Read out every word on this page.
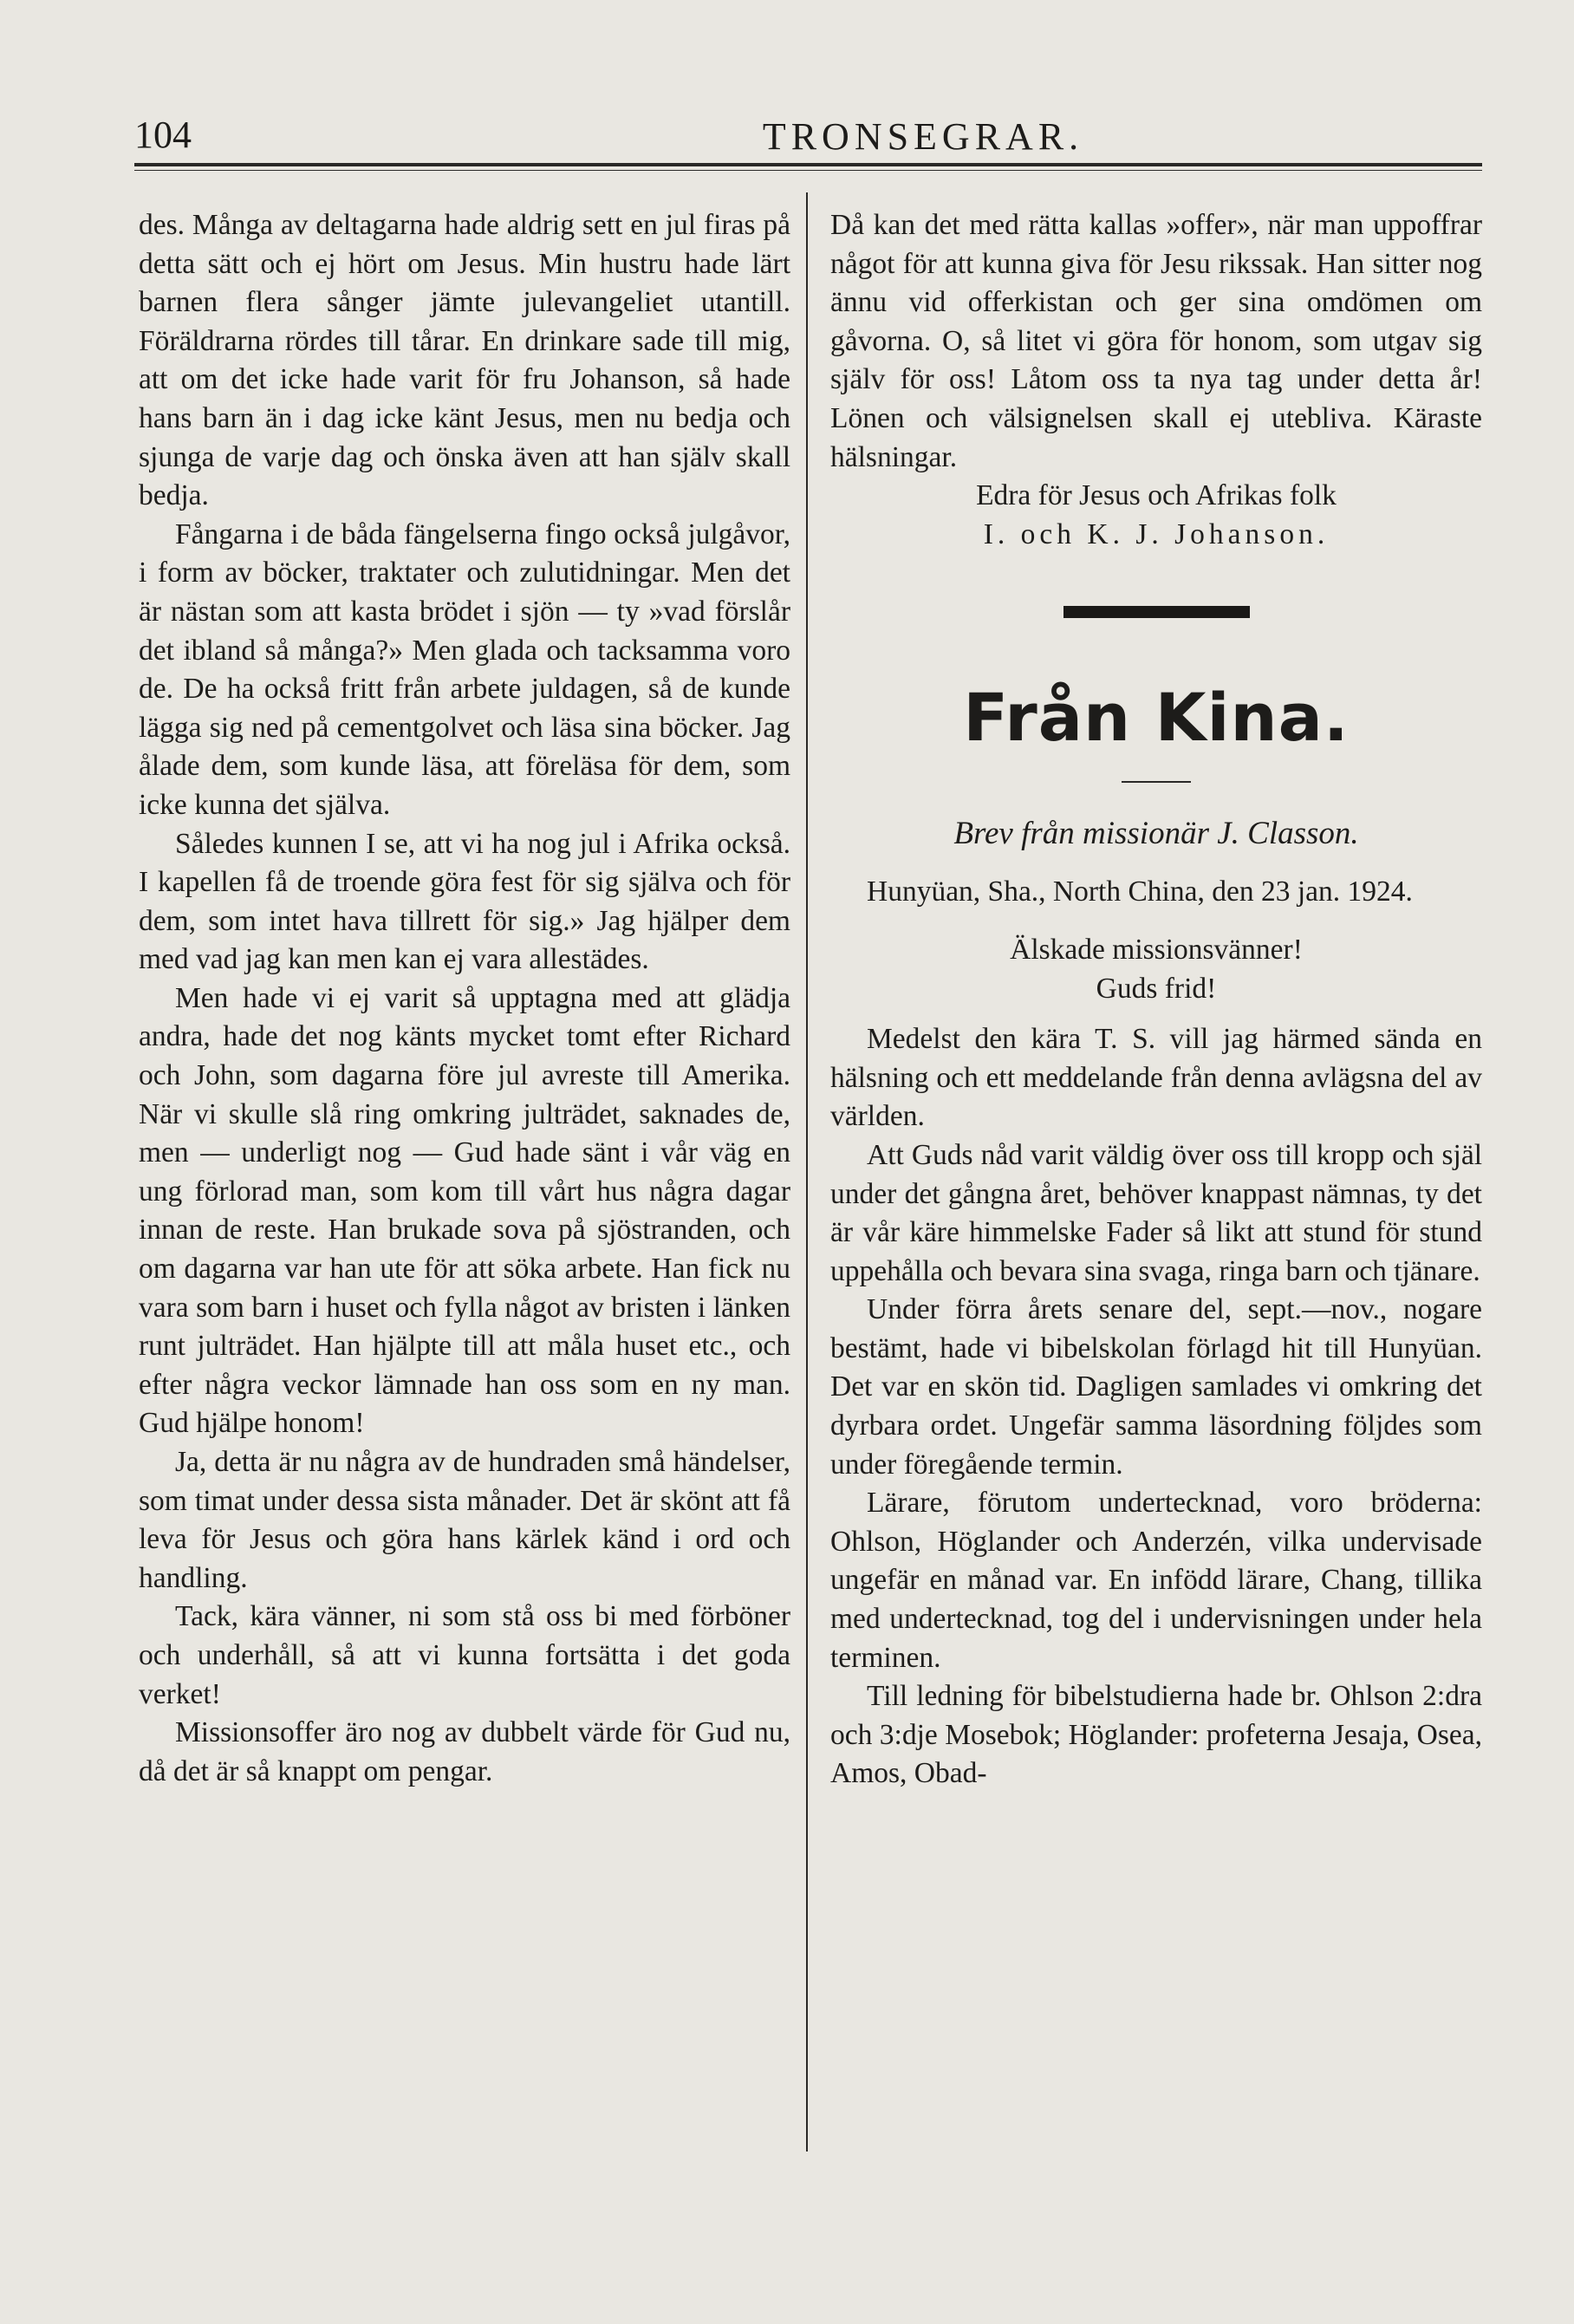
104	TRONSEGRAR.

des. Många av deltagarna hade aldrig sett en jul firas på detta sätt och ej hört om Jesus. Min hustru hade lärt barnen flera sånger jämte julevangeliet utantill. Föräldrarna rördes till tårar. En drinkare sade till mig, att om det icke hade varit för fru Johanson, så hade hans barn än i dag icke känt Jesus, men nu bedja och sjunga de varje dag och önska även att han själv skall bedja.

Fångarna i de båda fängelserna fingo också julgåvor, i form av böcker, traktater och zulutidningar. Men det är nästan som att kasta brödet i sjön — ty »vad förslår det ibland så många?» Men glada och tacksamma voro de. De ha också fritt från arbete juldagen, så de kunde lägga sig ned på cementgolvet och läsa sina böcker. Jag ålade dem, som kunde läsa, att föreläsa för dem, som icke kunna det själva.

Således kunnen I se, att vi ha nog jul i Afrika också. I kapellen få de troende göra fest för sig själva och för dem, som intet hava tillrett för sig.» Jag hjälper dem med vad jag kan men kan ej vara allestädes.

Men hade vi ej varit så upptagna med att glädja andra, hade det nog känts mycket tomt efter Richard och John, som dagarna före jul avreste till Amerika. När vi skulle slå ring omkring julträdet, saknades de, men — underligt nog — Gud hade sänt i vår väg en ung förlorad man, som kom till vårt hus några dagar innan de reste. Han brukade sova på sjöstranden, och om dagarna var han ute för att söka arbete. Han fick nu vara som barn i huset och fylla något av bristen i länken runt julträdet. Han hjälpte till att måla huset etc., och efter några veckor lämnade han oss som en ny man. Gud hjälpe honom!

Ja, detta är nu några av de hundraden små händelser, som timat under dessa sista månader. Det är skönt att få leva för Jesus och göra hans kärlek känd i ord och handling.

Tack, kära vänner, ni som stå oss bi med förböner och underhåll, så att vi kunna fortsätta i det goda verket!

Missionsoffer äro nog av dubbelt värde för Gud nu, då det är så knappt om pengar.

Då kan det med rätta kallas »offer», när man uppoffrar något för att kunna giva för Jesu rikssak. Han sitter nog ännu vid offerkistan och ger sina omdömen om gåvorna. O, så litet vi göra för honom, som utgav sig själv för oss! Låtom oss ta nya tag under detta år! Lönen och välsignelsen skall ej utebliva. Käraste hälsningar.

Edra för Jesus och Afrikas folk

I. och K. J. Johanson.

Från Kina.
Brev från missionär J. Classon.

Hunyüan, Sha., North China, den 23 jan. 1924.

Älskade missionsvänner!

Guds frid!

Medelst den kära T. S. vill jag härmed sända en hälsning och ett meddelande från denna avlägsna del av världen.

Att Guds nåd varit väldig över oss till kropp och själ under det gångna året, behöver knappast nämnas, ty det är vår käre himmelske Fader så likt att stund för stund uppehålla och bevara sina svaga, ringa barn och tjänare.

Under förra årets senare del, sept.—nov., nogare bestämt, hade vi bibelskolan förlagd hit till Hunyüan. Det var en skön tid. Dagligen samlades vi omkring det dyrbara ordet. Ungefär samma läsordning följdes som under föregående termin.

Lärare, förutom undertecknad, voro bröderna: Ohlson, Höglander och Anderzén, vilka undervisade ungefär en månad var. En infödd lärare, Chang, tillika med undertecknad, tog del i undervisningen under hela terminen.

Till ledning för bibelstudierna hade br. Ohlson 2:dra och 3:dje Mosebok; Höglander: profeterna Jesaja, Osea, Amos, Obad-
